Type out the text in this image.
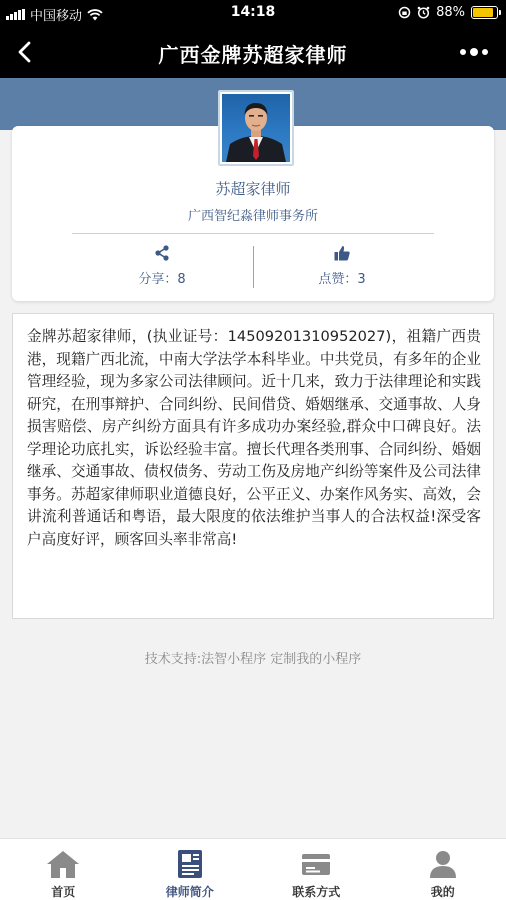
中国移动	14:18	88%
广西金牌苏超家律师
苏超家律师
广西智纪淼律师事务所
分享：8	点赞：3
金牌苏超家律师，(执业证号：14509201310952027)，祖籍广西贵港，现籍广西北流，中南大学法学本科毕业。中共党员，有多年的企业管理经验，现为多家公司法律顾问。近十几来，致力于法律理论和实践研究，在刑事辩护、合同纠纷、民间借贷、婚姻继承、交通事故、人身损害赔偿、房产纠纷方面具有许多成功办案经验,群众中口碑良好。法学理论功底扎实，诉讼经验丰富。擅长代理各类刑事、合同纠纷、婚姻继承、交通事故、债权债务、劳动工伤及房地产纠纷等案件及公司法律事务。苏超家律师职业道德良好，公平正义、办案作风务实、高效，会讲流利普通话和粤语，最大限度的依法维护当事人的合法权益!深受客户高度好评，顾客回头率非常高!
技术支持:法智小程序 定制我的小程序
首页	律师简介	联系方式	我的
